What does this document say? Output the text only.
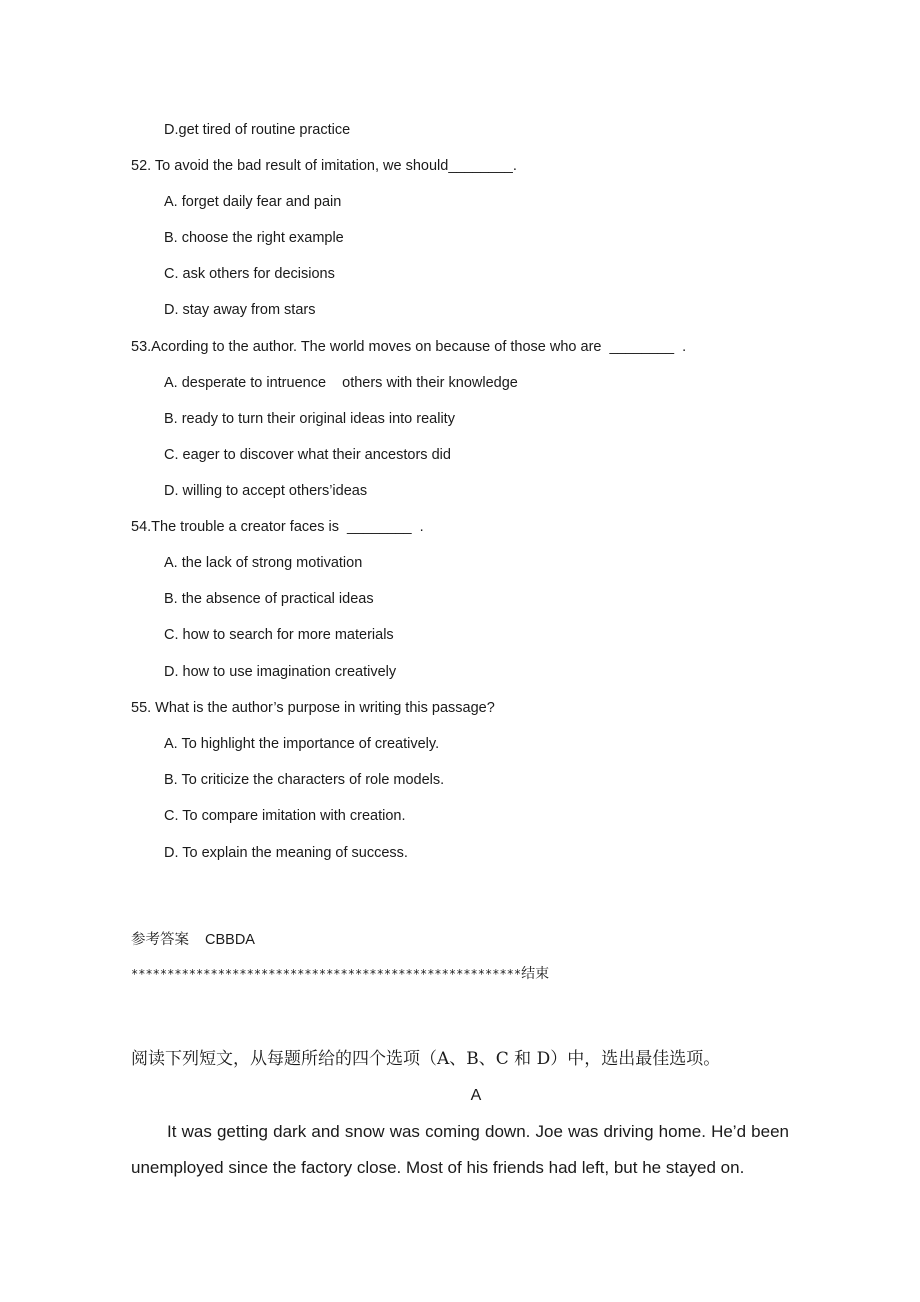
D.get tired of routine practice
52. To avoid the bad result of imitation, we should________.
A. forget daily fear and pain
B. choose the right example
C. ask others for decisions
D. stay away from stars
53.Acording to the author. The world moves on because of those who are  ________  .
A. desperate to intruence    others with their knowledge
B. ready to turn their original ideas into reality
C. eager to discover what their ancestors did
D. willing to accept others’ideas
54.The trouble a creator faces is  ________  .
A. the lack of strong motivation
B. the absence of practical ideas
C. how to search for more materials
D. how to use imagination creatively
55. What is the author’s purpose in writing this passage?
A. To highlight the importance of creatively.
B. To criticize the characters of role models.
C. To compare imitation with creation.
D. To explain the meaning of success.
参考答案 CBBDA
******************************************************结束
阅读下列短文，从每题所给的四个选项（A、B、C 和 D）中，选出最佳选项。
A
It was getting dark and snow was coming down. Joe was driving home. He’d been unemployed since the factory close. Most of his friends had left, but he stayed on.
